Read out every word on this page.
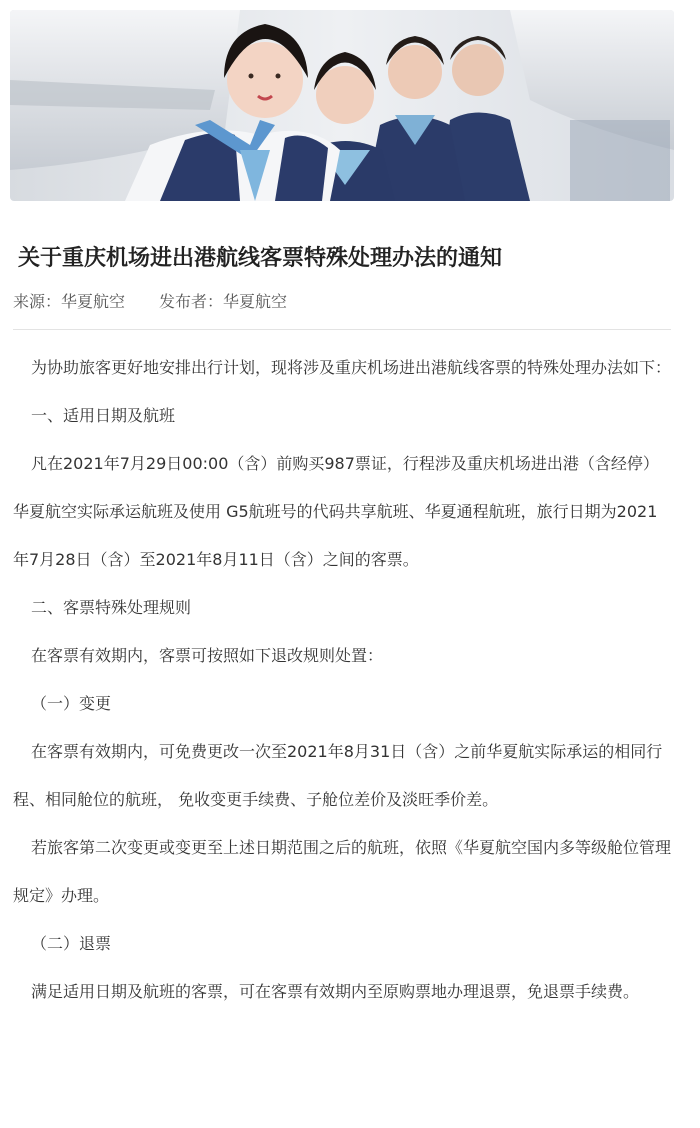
关于重庆机场进出港航线客票特殊处理办法的通知
来源：华夏航空 发布者：华夏航空

为协助旅客更好地安排出行计划，现将涉及重庆机场进出港航线客票的特殊处理办法如下：

一、适用日期及航班

凡在2021年7月29日00:00（含）前购买987票证，行程涉及重庆机场进出港（含经停）华夏航空实际承运航班及使用 G5航班号的代码共享航班、华夏通程航班，旅行日期为2021年7月28日（含）至2021年8月11日（含）之间的客票。

二、客票特殊处理规则

在客票有效期内，客票可按照如下退改规则处置：

（一）变更

在客票有效期内，可免费更改一次至2021年8月31日（含）之前华夏航实际承运的相同行程、相同舱位的航班， 免收变更手续费、子舱位差价及淡旺季价差。

若旅客第二次变更或变更至上述日期范围之后的航班，依照《华夏航空国内多等级舱位管理规定》办理。

（二）退票

满足适用日期及航班的客票，可在客票有效期内至原购票地办理退票，免退票手续费。
